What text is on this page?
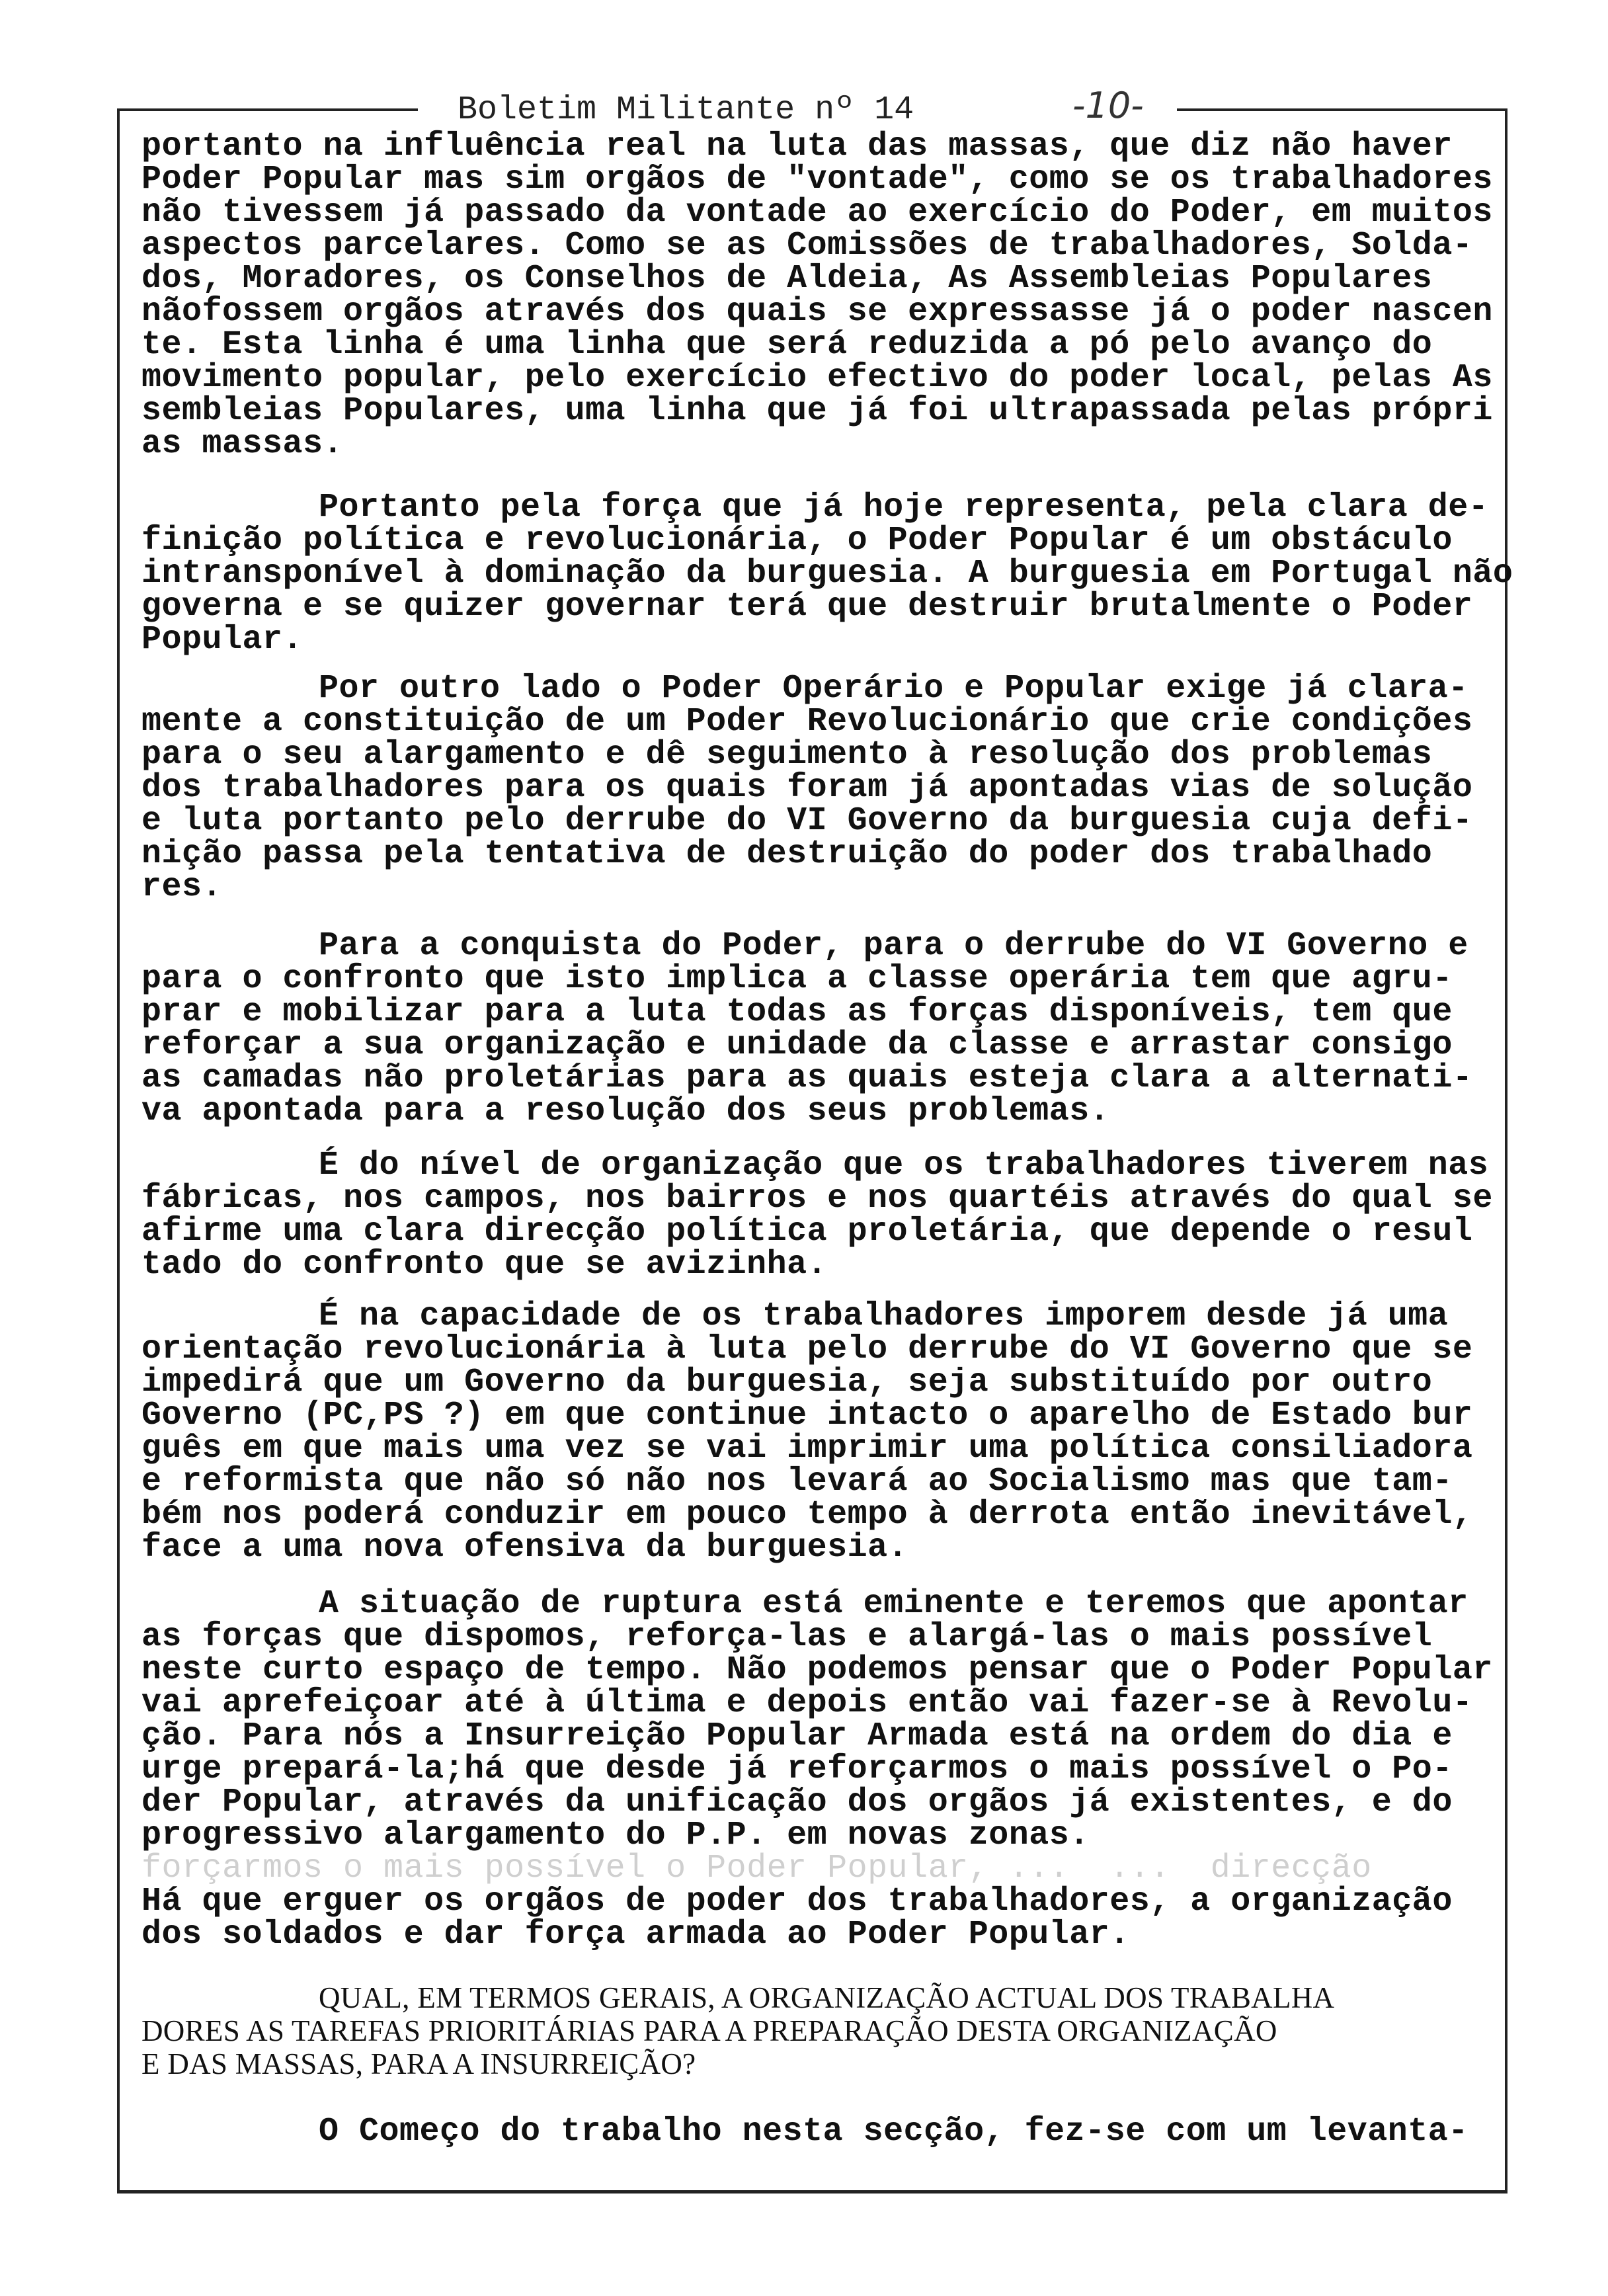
Boletim Militante nº 14	-10-
portanto na influência real na luta das massas, que diz não haver
Poder Popular mas sim orgãos de "vontade", como se os trabalhadores
não tivessem já passado da vontade ao exercício do Poder, em muitos
aspectos parcelares. Como se as Comissões de trabalhadores, Solda-
dos, Moradores, os Conselhos de Aldeia, As Assembleias Populares
nãofossem orgãos através dos quais se expressasse já o poder nascen
te. Esta linha é uma linha que será reduzida a pó pelo avanço do
movimento popular, pelo exercício efectivo do poder local, pelas As
sembleias Populares, uma linha que já foi ultrapassada pelas própri
as massas.
Portanto pela força que já hoje representa, pela clara de-
finição política e revolucionária, o Poder Popular é um obstáculo
intransponível à dominação da burguesia. A burguesia em Portugal não
governa e se quizer governar terá que destruir brutalmente o Poder
Popular.
Por outro lado o Poder Operário e Popular exige já clara-
mente a constituição de um Poder Revolucionário que crie condições
para o seu alargamento e dê seguimento à resolução dos problemas
dos trabalhadores para os quais foram já apontadas vias de solução
e luta portanto pelo derrube do VI Governo da burguesia cuja defi-
nição passa pela tentativa de destruição do poder dos trabalhado
res.
Para a conquista do Poder, para o derrube do VI Governo e
para o confronto que isto implica a classe operária tem que agru-
prar e mobilizar para a luta todas as forças disponíveis, tem que
reforçar a sua organização e unidade da classe e arrastar consigo
as camadas não proletárias para as quais esteja clara a alternati-
va apontada para a resolução dos seus problemas.
É do nível de organização que os trabalhadores tiverem nas
fábricas, nos campos, nos bairros e nos quartéis através do qual se
afirme uma clara direcção política proletária, que depende o resul
tado do confronto que se avizinha.
É na capacidade de os trabalhadores imporem desde já uma
orientação revolucionária à luta pelo derrube do VI Governo que se
impedirá que um Governo da burguesia, seja substituído por outro
Governo (PC,PS ?) em que continue intacto o aparelho de Estado bur
guês em que mais uma vez se vai imprimir uma política consiliadora
e reformista que não só não nos levará ao Socialismo mas que tam-
bém nos poderá conduzir em pouco tempo à derrota então inevitável,
face a uma nova ofensiva da burguesia.
A situação de ruptura está eminente e teremos que apontar
as forças que dispomos, reforça-las e alargá-las o mais possível
neste curto espaço de tempo. Não podemos pensar que o Poder Popular
vai aprefeiçoar até à última e depois então vai fazer-se à Revolu-
ção. Para nós a Insurreição Popular Armada está na ordem do dia e
urge prepará-la;há que desde já reforçarmos o mais possível o Po-
der Popular, através da unificação dos orgãos já existentes, e do
progressivo alargamento do P.P. em novas zonas.
forçarmos o mais possível o Poder Popular, ...  ...  direcção
Há que erguer os orgãos de poder dos trabalhadores, a organização
dos soldados e dar força armada ao Poder Popular.
QUAL, EM TERMOS GERAIS, A ORGANIZAÇÃO ACTUAL DOS TRABALHA
DORES AS TAREFAS PRIORITÁRIAS PARA A PREPARAÇÃO DESTA ORGANIZAÇÃO
E DAS MASSAS, PARA A INSURREIÇÃO?
O Começo do trabalho nesta secção, fez-se com um levanta-
